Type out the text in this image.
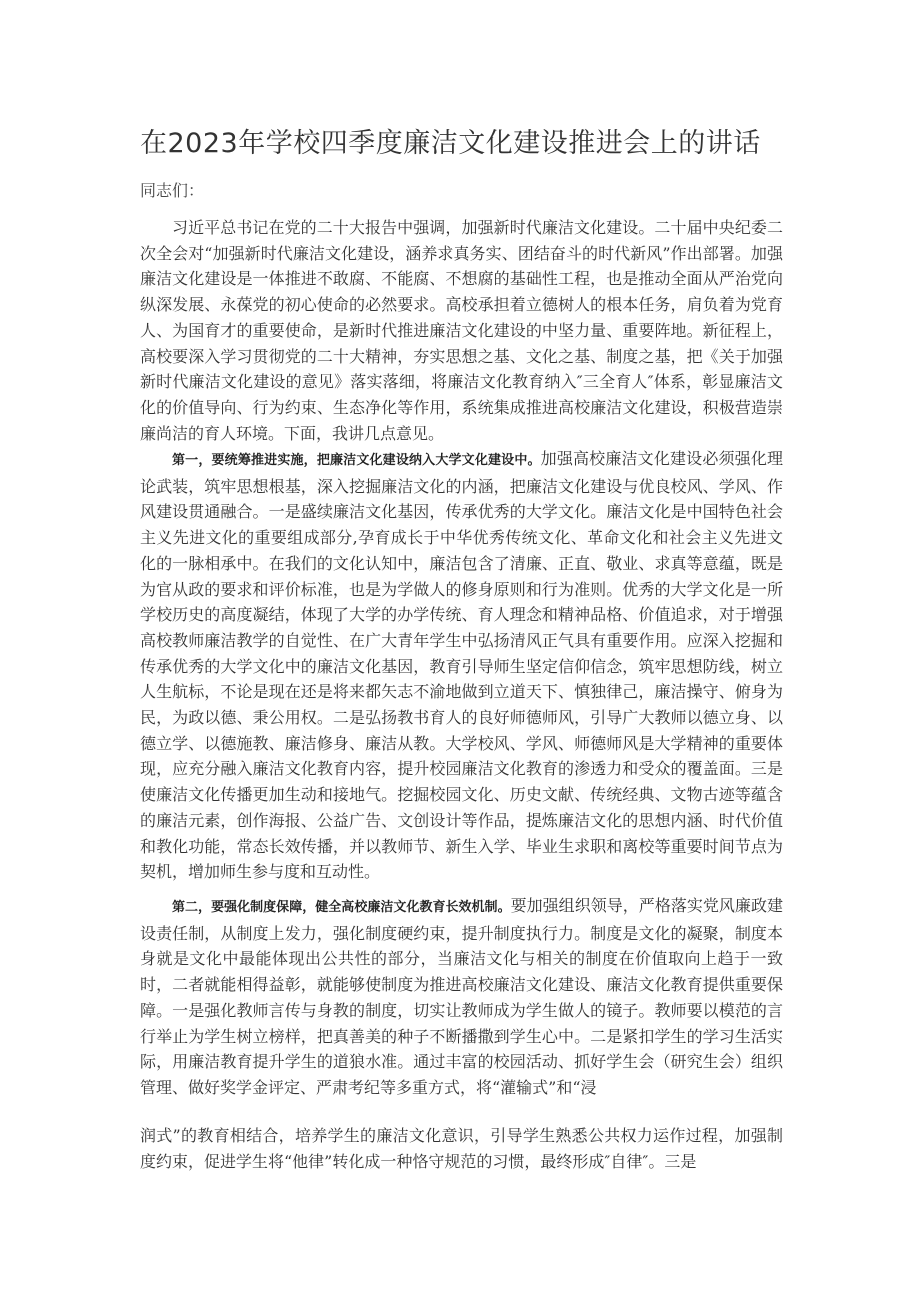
在2023年学校四季度廉洁文化建设推进会上的讲话
同志们：

习近平总书记在党的二十大报告中强调，加强新时代廉洁文化建设。二十届中央纪委二次全会对“加强新时代廉洁文化建设，涵养求真务实、团结奋斗的时代新风”作出部署。加强廉洁文化建设是一体推进不敢腐、不能腐、不想腐的基础性工程，也是推动全面从严治党向纵深发展、永葆党的初心使命的必然要求。高校承担着立德树人的根本任务，肩负着为党育人、为国育才的重要使命，是新时代推进廉洁文化建设的中坚力量、重要阵地。新征程上，高校要深入学习贯彻党的二十大精神，夯实思想之基、文化之基、制度之基，把《关于加强新时代廉洁文化建设的意见》落实落细，将廉洁文化教育纳入″三全育人″体系，彰显廉洁文化的价值导向、行为约束、生态净化等作用，系统集成推进高校廉洁文化建设，积极营造崇廉尚洁的育人环境。下面，我讲几点意见。

第一，要统筹推进实施，把廉洁文化建设纳入大学文化建设中。加强高校廉洁文化建设必须强化理论武装，筑牢思想根基，深入挖掘廉洁文化的内涵，把廉洁文化建设与优良校风、学风、作风建设贯通融合。一是盛续廉洁文化基因，传承优秀的大学文化。廉洁文化是中国特色社会主义先进文化的重要组成部分,孕育成长于中华优秀传统文化、革命文化和社会主义先进文化的一脉相承中。在我们的文化认知中，廉洁包含了清廉、正直、敬业、求真等意蕴，既是为官从政的要求和评价标准，也是为学做人的修身原则和行为准则。优秀的大学文化是一所学校历史的高度凝结，体现了大学的办学传统、育人理念和精神品格、价值追求，对于增强高校教师廉洁教学的自觉性、在广大青年学生中弘扬清风正气具有重要作用。应深入挖掘和传承优秀的大学文化中的廉洁文化基因，教育引导师生坚定信仰信念，筑牢思想防线，树立人生航标，不论是现在还是将来都矢志不渝地做到立道天下、慎独律己，廉洁操守、俯身为民，为政以德、秉公用权。二是弘扬教书育人的良好师德师风，引导广大教师以德立身、以德立学、以德施教、廉洁修身、廉洁从教。大学校风、学风、师德师风是大学精神的重要体现，应充分融入廉洁文化教育内容，提升校园廉洁文化教育的渗透力和受众的覆盖面。三是使廉洁文化传播更加生动和接地气。挖掘校园文化、历史文献、传统经典、文物古迹等蕴含的廉洁元素，创作海报、公益广告、文创设计等作品，提炼廉洁文化的思想内涵、时代价值和教化功能，常态长效传播，并以教师节、新生入学、毕业生求职和离校等重要时间节点为契机，增加师生参与度和互动性。

第二，要强化制度保障，健全高校廉洁文化教育长效机制。要加强组织领导，严格落实党风廉政建设责任制，从制度上发力，强化制度硬约束，提升制度执行力。制度是文化的凝聚，制度本身就是文化中最能体现出公共性的部分，当廉洁文化与相关的制度在价值取向上趋于一致时，二者就能相得益彰，就能够使制度为推进高校廉洁文化建设、廉洁文化教育提供重要保障。一是强化教师言传与身教的制度，切实让教师成为学生做人的镜子。教师要以模范的言行举止为学生树立榜样，把真善美的种子不断播撒到学生心中。二是紧扣学生的学习生活实际，用廉洁教育提升学生的道狼水准。通过丰富的校园活动、抓好学生会（研究生会）组织管理、做好奖学金评定、严肃考纪等多重方式，将“灌输式”和“浸

润式”的教育相结合，培养学生的廉洁文化意识，引导学生熟悉公共权力运作过程，加强制度约束，促进学生将“他律”转化成一种恪守规范的习惯，最终形成″自律″。三是
